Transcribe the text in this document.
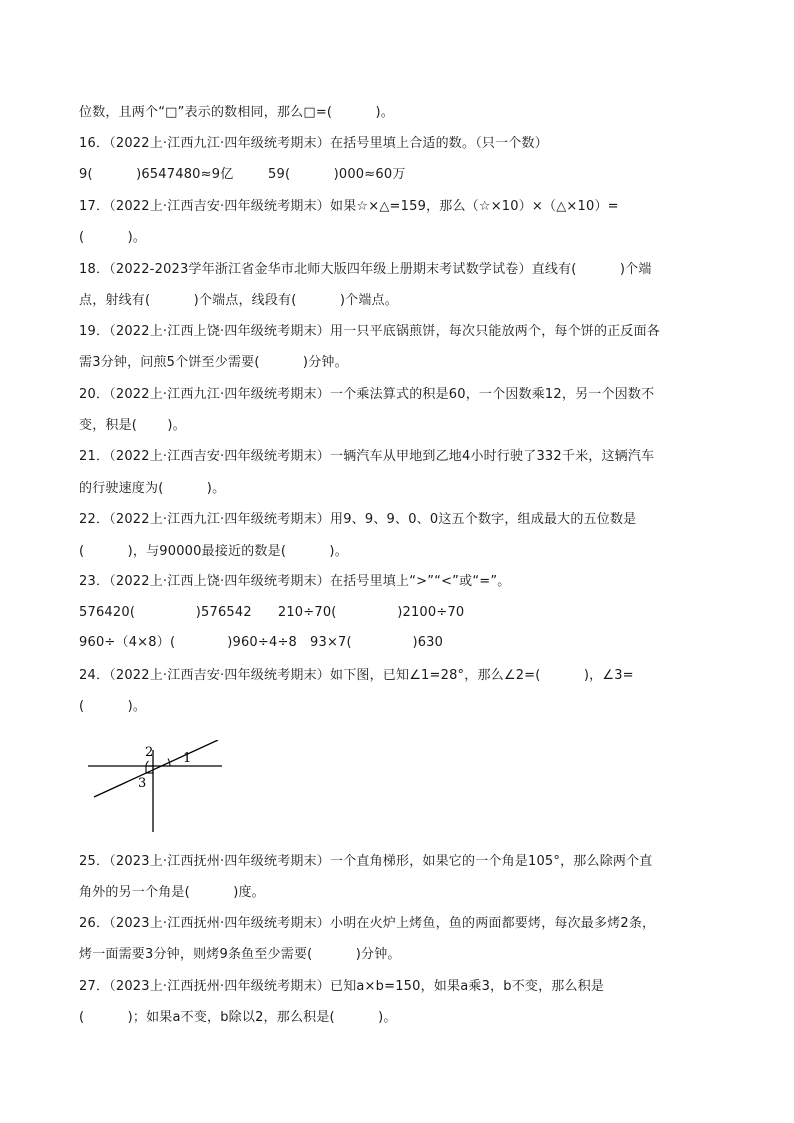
位数，且两个“□”表示的数相同，那么□=(          )。
16．（2022上·江西九江·四年级统考期末）在括号里填上合适的数。（只一个数）
9(          )6547480≈9亿        59(          )000≈60万
17．（2022上·江西吉安·四年级统考期末）如果☆×△=159，那么（☆×10）×（△×10）=
(          )。
18．（2022-2023学年浙江省金华市北师大版四年级上册期末考试数学试卷）直线有(          )个端
点，射线有(          )个端点，线段有(          )个端点。
19．（2022上·江西上饶·四年级统考期末）用一只平底锅煎饼，每次只能放两个，每个饼的正反面各
需3分钟，问煎5个饼至少需要(          )分钟。
20．（2022上·江西九江·四年级统考期末）一个乘法算式的积是60，一个因数乘12，另一个因数不
变，积是(       )。
21．（2022上·江西吉安·四年级统考期末）一辆汽车从甲地到乙地4小时行驶了332千米，这辆汽车
的行驶速度为(          )。
22．（2022上·江西九江·四年级统考期末）用9、9、9、0、0这五个数字，组成最大的五位数是
(          )，与90000最接近的数是(          )。
23．（2022上·江西上饶·四年级统考期末）在括号里填上“>”“<”或“=”。
576420(              )576542      210÷70(              )2100÷70
960÷（4×8）(            )960÷4÷8   93×7(              )630
24．（2022上·江西吉安·四年级统考期末）如下图，已知∠1=28°，那么∠2=(          )，∠3=
(          )。
1
2
3
25．（2023上·江西抚州·四年级统考期末）一个直角梯形，如果它的一个角是105°，那么除两个直
角外的另一个角是(          )度。
26．（2023上·江西抚州·四年级统考期末）小明在火炉上烤鱼，鱼的两面都要烤，每次最多烤2条，
烤一面需要3分钟，则烤9条鱼至少需要(          )分钟。
27．（2023上·江西抚州·四年级统考期末）已知a×b=150，如果a乘3，b不变，那么积是
(          )；如果a不变，b除以2，那么积是(          )。
